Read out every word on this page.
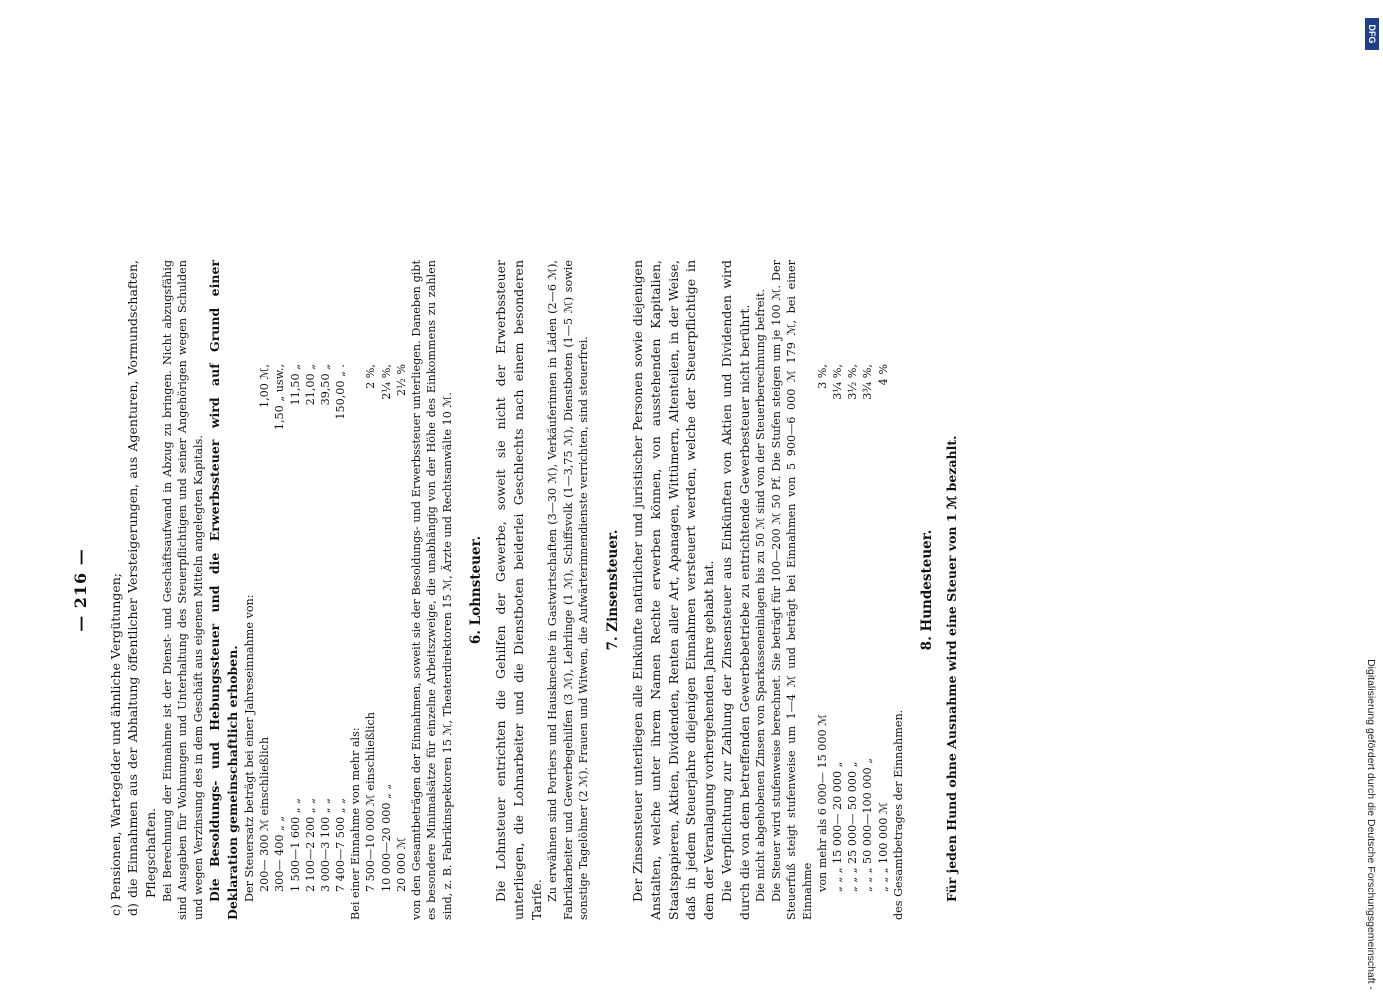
— 216 — c) Pensionen, Wartegelder und ähnliche Vergütungen; d) die Einnahmen aus der Abhaltung öffentlicher Versteigerungen, aus Agenturen, Vormundschaften, Pflegschaften. Bei Berechnung der Einnahme ist der Dienst- und Geschäftsaufwand in Abzug zu bringen. Nicht abzugsfähig sind Ausgaben für Wohnungen und Unterhaltung des Steuerpflichtigen und seiner Angehörigen wegen Schulden und wegen Verzinsung des in dem Geschäft aus eigenen Mitteln angelegten Kapitals. Die Besoldungs- und Hebungssteuer und die Erwerbssteuer wird auf Grund einer Deklaration gemeinschaftlich erhoben. Der Steuersatz beträgt bei einer Jahreseinnahme von: 200— 300 ℳ einschließlich	1,00 ℳ,
300— 400 „ „	1,50 „ usw.,
1 500—1 600 „ „	11,50 „
2 100—2 200 „ „	21,00 „
3 000—3 100 „ „	39,50 „
7 400—7 500 „ „	150,00 „ .

Bei einer Einnahme von mehr als: 7 500—10 000 ℳ einschließlich	2 %,
10 000—20 000 „ „	2¼ %,
20 000 ℳ	2½ % von den Gesamtbeträgen der Einnahmen, soweit sie der Besoldungs- und Erwerbssteuer unterliegen. Daneben gibt es besondere Minimalsätze für einzelne Arbeitszweige, die unabhängig von der Höhe des Einkommens zu zahlen sind, z. B. Fabrikinspektoren 15 ℳ, Theaterdirektoren 15 ℳ, Ärzte und Rechtsanwälte 10 ℳ. 6. Lohnsteuer. Die Lohnsteuer entrichten die Gehilfen der Gewerbe, soweit sie nicht der Erwerbssteuer unterliegen, die Lohnarbeiter und die Dienstboten beiderlei Geschlechts nach einem besonderen Tarife. Zu erwähnen sind Portiers und Hausknechte in Gastwirtschaften (3—30 ℳ), Verkäuferinnen in Läden (2—6 ℳ), Fabrikarbeiter und Gewerbegehilfen (3 ℳ), Lehrlinge (1 ℳ), Schiffsvolk (1—3,75 ℳ), Dienstboten (1—5 ℳ) sowie sonstige Tagelöhner (2 ℳ). Frauen und Witwen, die Aufwärterinnendienste verrichten, sind steuerfrei. 7. Zinsensteuer. Der Zinsensteuer unterliegen alle Einkünfte natürlicher und juristischer Personen sowie diejenigen Anstalten, welche unter ihrem Namen Rechte erwerben können, von ausstehenden Kapitalien, Staatspapieren, Aktien, Dividenden, Renten aller Art, Apanagen, Wittümern, Altenteilen, in der Weise, daß in jedem Steuerjahre diejenigen Einnahmen versteuert werden, welche der Steuerpflichtige in dem der Veranlagung vorhergehenden Jahre gehabt hat. Die Verpflichtung zur Zahlung der Zinsensteuer aus Einkünften von Aktien und Dividenden wird durch die von dem betreffenden Gewerbebetriebe zu entrichtende Gewerbesteuer nicht berührt. Die nicht abgehobenen Zinsen von Sparkasseneinlagen bis zu 50 ℳ sind von der Steuerberechnung befreit. Die Steuer wird stufenweise berechnet. Sie beträgt für 100—200 ℳ 50 Pf. Die Stufen steigen um je 100 ℳ. Der Steuerfuß steigt stufenweise um 1—4 ℳ und beträgt bei Einnahmen von 5 900—6 000 ℳ 179 ℳ, bei einer Einnahme von mehr als 6 000— 15 000 ℳ	3 %,
„ „ „ 15 000— 20 000 „	3¼ %,
„ „ „ 25 000— 50 000 „	3½ %,
„ „ „ 50 000—100 000 „	3¾ %,
„ „ „ 100 000 ℳ	4 %

des Gesamtbetrages der Einnahmen.

8. Hundesteuer. Für jeden Hund ohne Ausnahme wird eine Steuer von 1 ℳ bezahlt.	Digitalisierung gefördert durch die Deutsche Forschungsgemeinschaft -
DFG
